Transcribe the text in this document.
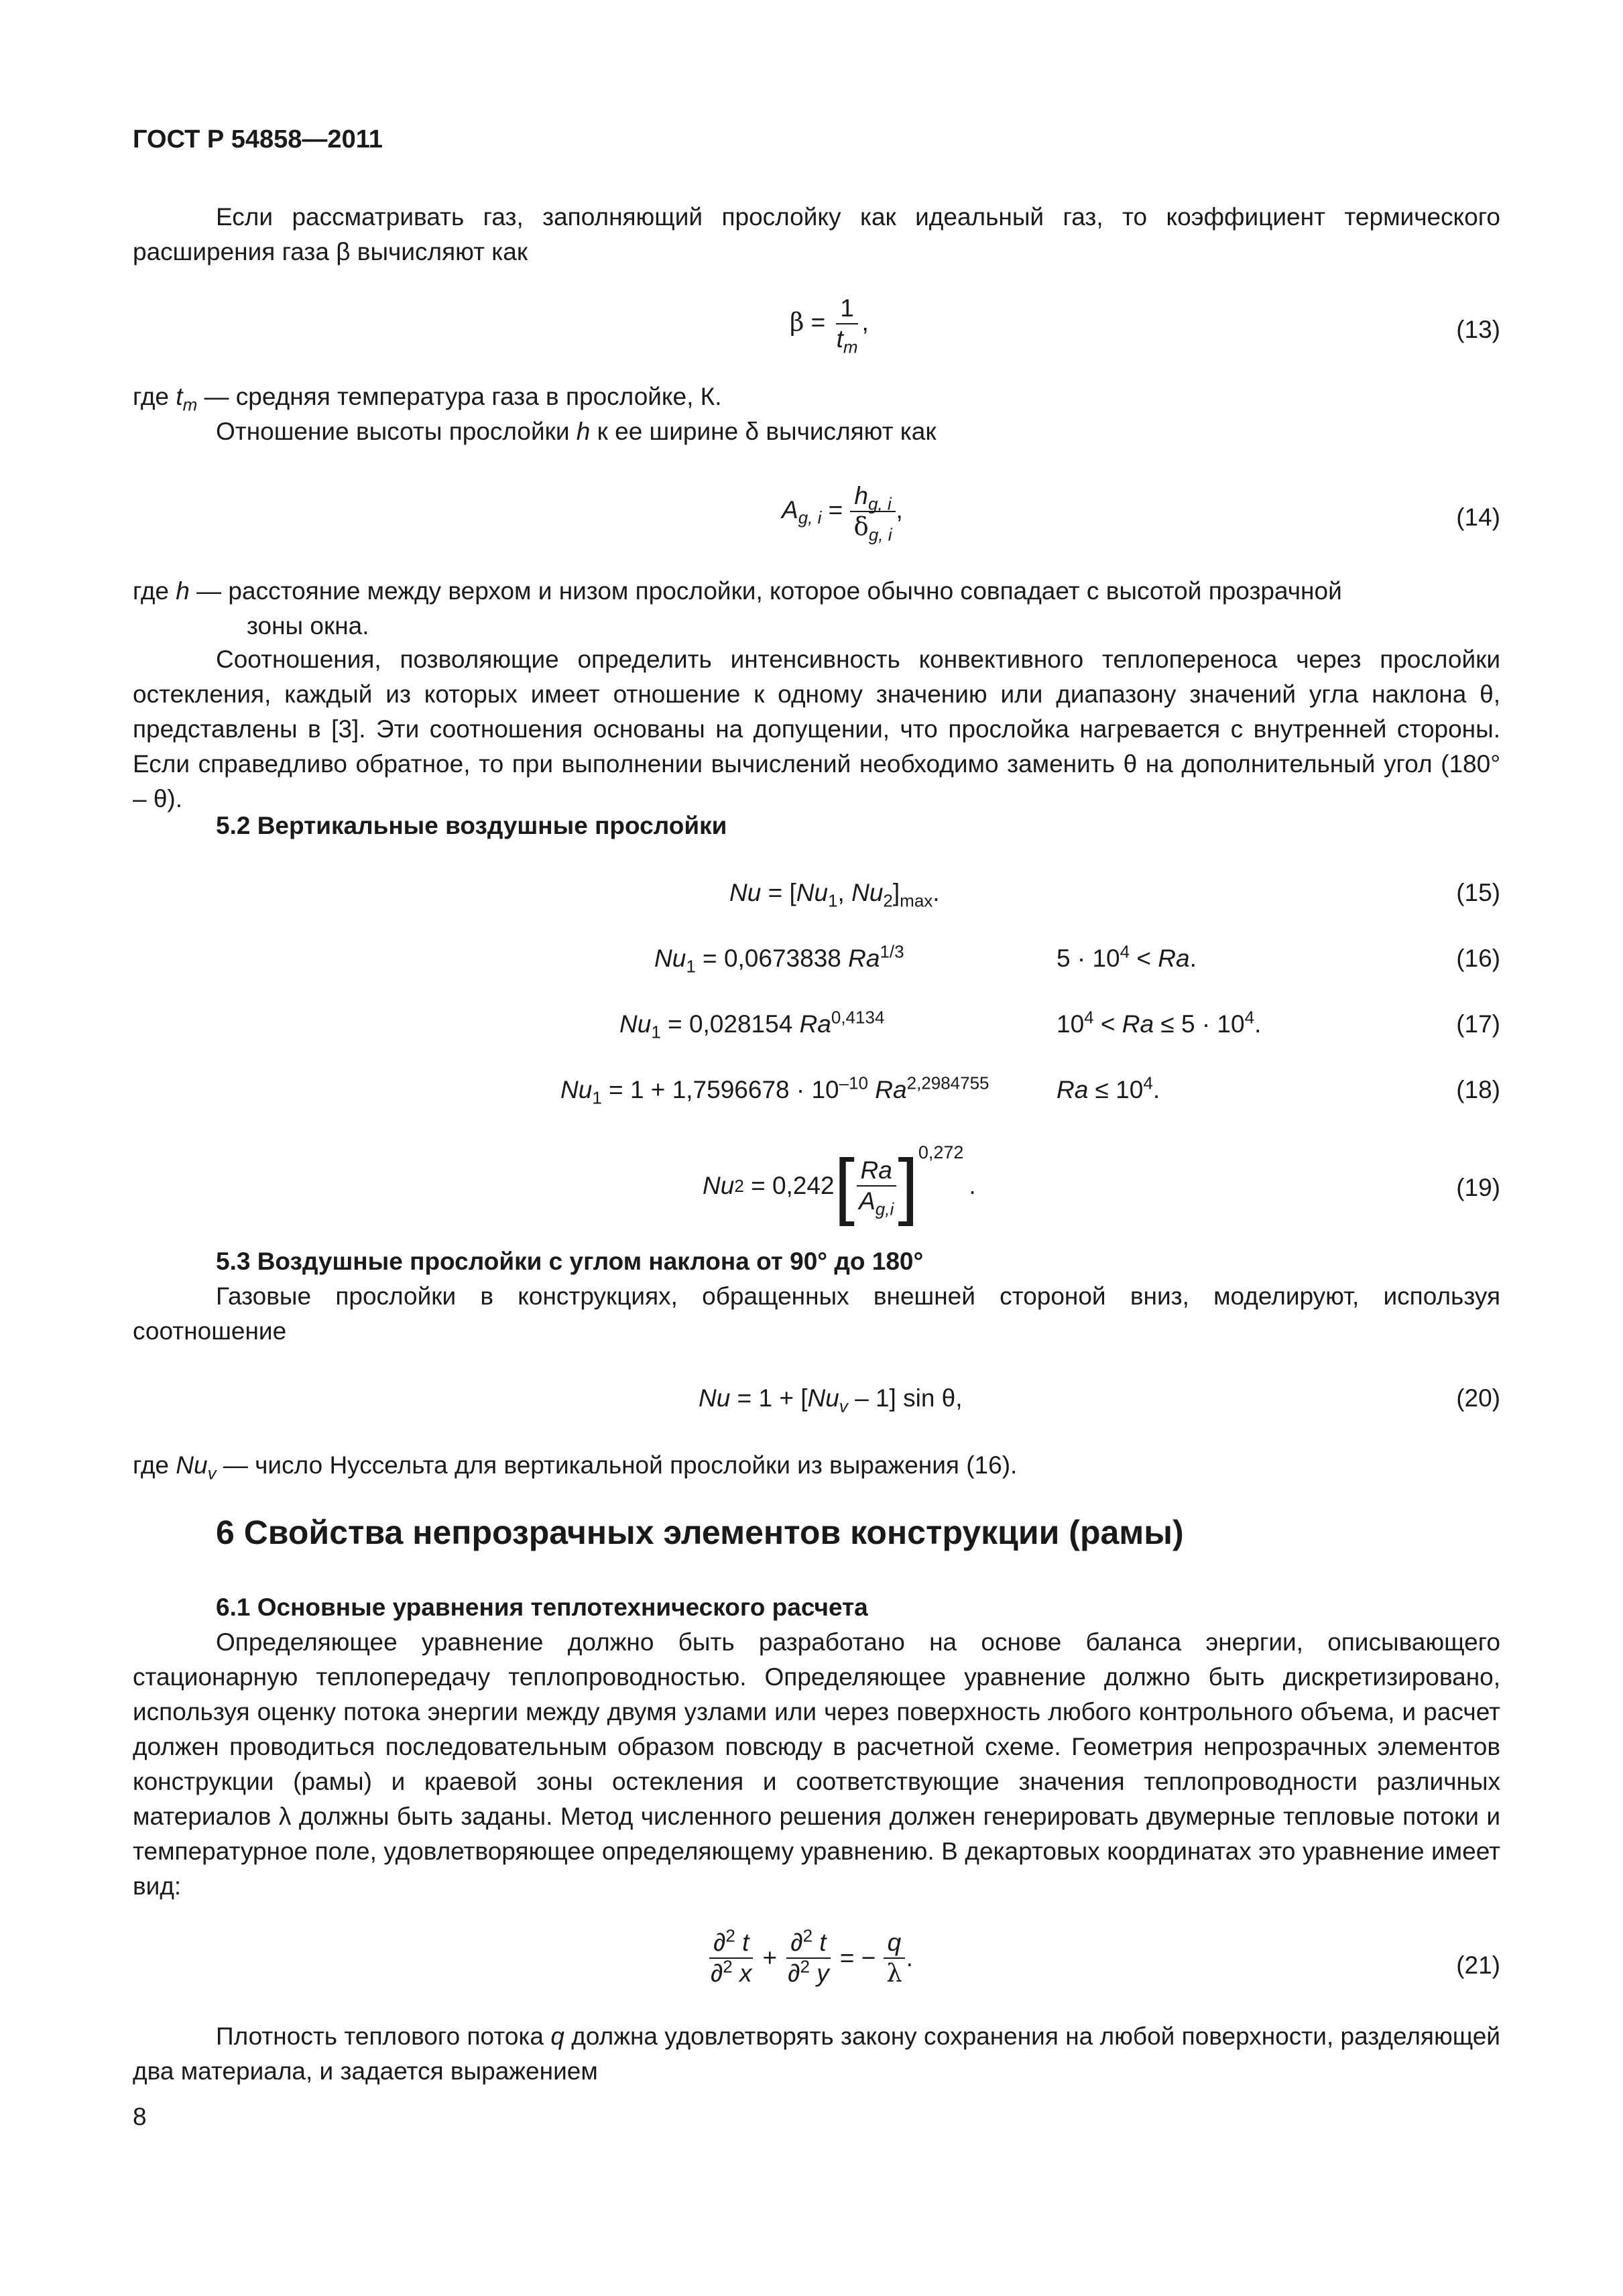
ГОСТ Р 54858—2011
Если рассматривать газ, заполняющий прослойку как идеальный газ, то коэффициент термического расширения газа β вычисляют как
$\beta = \frac{1}{t_m}$ ,	(13)
где $t_m$ — средняя температура газа в прослойке, К.
Отношение высоты прослойки h к ее ширине δ вычисляют как
$A_{g, i} = \frac{h_{g, i}}{\delta_{g, i}}$ ,	(14)
где h — расстояние между верхом и низом прослойки, которое обычно совпадает с высотой прозрачной
зоны окна.
Соотношения, позволяющие определить интенсивность конвективного теплопереноса через прослойки остекления, каждый из которых имеет отношение к одному значению или диапазону значений угла наклона θ, представлены в [3]. Эти соотношения основаны на допущении, что прослойка нагревается с внутренней стороны. Если справедливо обратное, то при выполнении вычислений необходимо заменить θ на дополнительный угол (180° – θ).
5.2 Вертикальные воздушные прослойки
$Nu = [Nu_1$, $Nu_2]_{max}$.	(15)
$Nu_1 = 0,0673838$ $Ra^{1/3}$	$5 \cdot 10^4 < Ra$.	(16)
$Nu_1 = 0,028154$ $Ra^{0,4134}$	$10^4 < Ra \le 5 \cdot 10^4$.	(17)
$Nu_1 = 1 + 1,7596678 \cdot 10^{-10}$ $Ra^{2,2984755}$	$Ra \le 10^4$.	(18)
Nu 2
= 0,242 [ $\frac{Ra}{A_{g,i}}$ ] 0,272
.	(19)
5.3 Воздушные прослойки с углом наклона от 90° до 180°
Газовые прослойки в конструкциях, обращенных внешней стороной вниз, моделируют, используя соотношение
$Nu = 1 + [Nu_v - 1]$ sin θ,	(20)
где $Nu_v$ — число Нуссельта для вертикальной прослойки из выражения (16).
6 Свойства непрозрачных элементов конструкции (рамы)
6.1 Основные уравнения теплотехнического расчета
Определяющее уравнение должно быть разработано на основе баланса энергии, описывающего стационарную теплопередачу теплопроводностью. Определяющее уравнение должно быть дискретизировано, используя оценку потока энергии между двумя узлами или через поверхность любого контрольного объема, и расчет должен проводиться последовательным образом повсюду в расчетной схеме. Геометрия непрозрачных элементов конструкции (рамы) и краевой зоны остекления и соответствующие значения теплопроводности различных материалов λ должны быть заданы. Метод численного решения должен генерировать двумерные тепловые потоки и температурное поле, удовлетворяющее определяющему уравнению. В декартовых координатах это уравнение имеет вид:
$\frac{\partial^2 t}{\partial^2 x} + \frac{\partial^2 t}{\partial^2 y}$ = − $\frac{q}{\lambda}$ .	(21)
Плотность теплового потока q должна удовлетворять закону сохранения на любой поверхности, разделяющей два материала, и задается выражением
8
